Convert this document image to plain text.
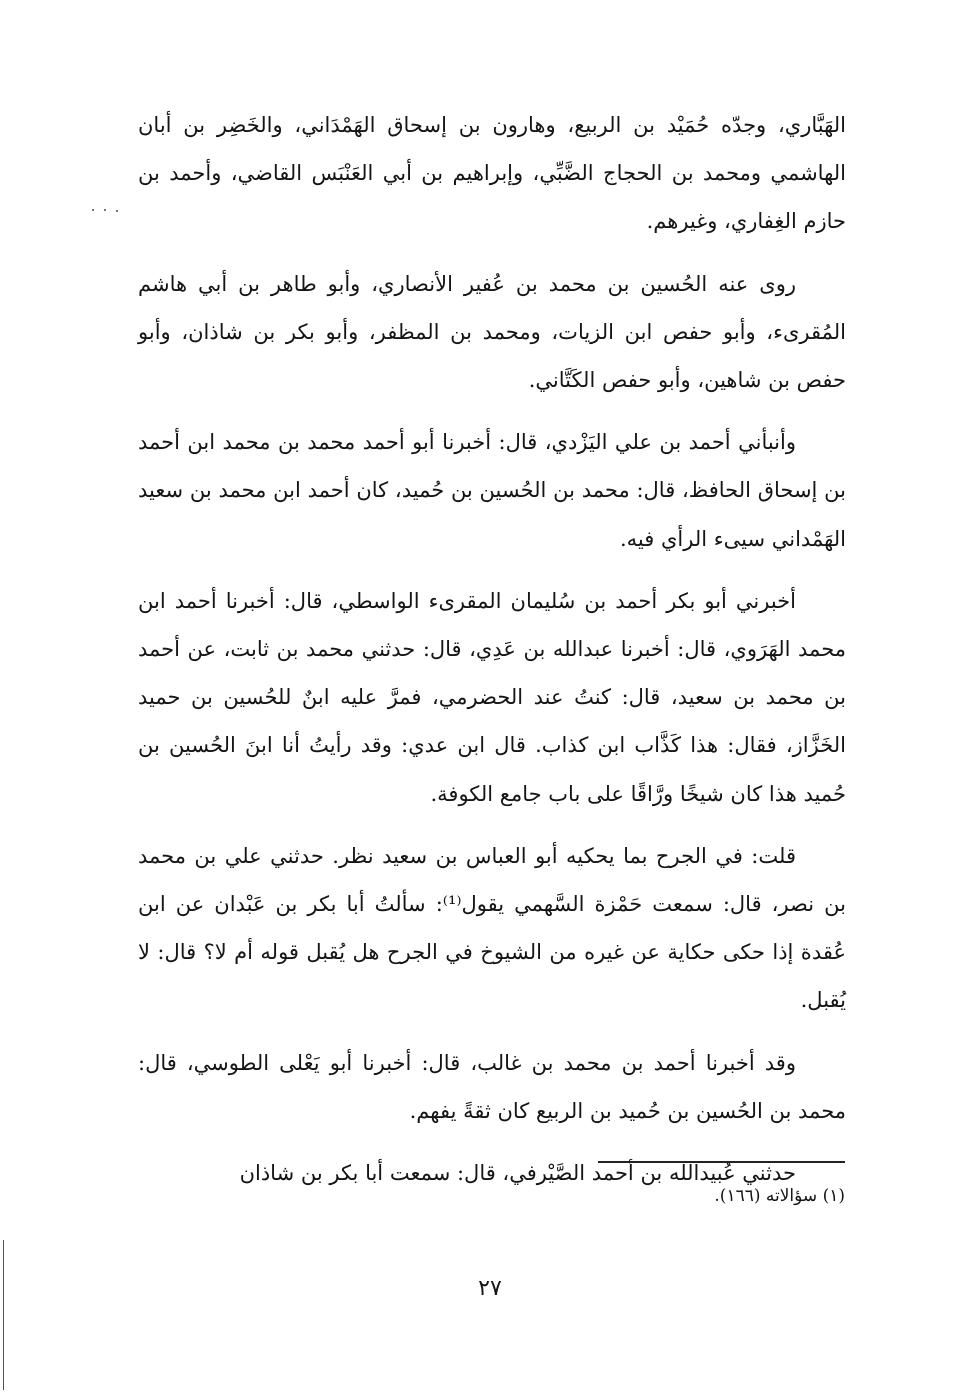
الهَبَّاري، وجدّه حُمَيْد بن الربيع، وهارون بن إسحاق الهَمْدَاني، والخَضِر بن أبان الهاشمي ومحمد بن الحجاج الضَّبِّي، وإبراهيم بن أبي العَنْبَس القاضي، وأحمد بن حازم الغِفاري، وغيرهم.

روى عنه الحُسين بن محمد بن عُفير الأنصاري، وأبو طاهر بن أبي هاشم المُقرىء، وأبو حفص ابن الزيات، ومحمد بن المظفر، وأبو بكر بن شاذان، وأبو حفص بن شاهين، وأبو حفص الكَتَّاني.

وأنبأني أحمد بن علي اليَزْدي، قال: أخبرنا أبو أحمد محمد بن محمد ابن أحمد بن إسحاق الحافظ، قال: محمد بن الحُسين بن حُميد، كان أحمد ابن محمد بن سعيد الهَمْداني سيىء الرأي فيه.

أخبرني أبو بكر أحمد بن سُليمان المقرىء الواسطي، قال: أخبرنا أحمد ابن محمد الهَرَوي، قال: أخبرنا عبدالله بن عَدِي، قال: حدثني محمد بن ثابت، عن أحمد بن محمد بن سعيد، قال: كنتُ عند الحضرمي، فمرَّ عليه ابنٌ للحُسين بن حميد الخَزَّاز، فقال: هذا كَذَّاب ابن كذاب. قال ابن عدي: وقد رأيتُ أنا ابنَ الحُسين بن حُميد هذا كان شيخًا ورَّاقًا على باب جامع الكوفة.

قلت: في الجرح بما يحكيه أبو العباس بن سعيد نظر. حدثني علي بن محمد بن نصر، قال: سمعت حَمْزة السَّهمي يقول⁽¹⁾: سألتُ أبا بكر بن عَبْدان عن ابن عُقدة إذا حكى حكاية عن غيره من الشيوخ في الجرح هل يُقبل قوله أم لا؟ قال: لا يُقبل.

وقد أخبرنا أحمد بن محمد بن غالب، قال: أخبرنا أبو يَعْلى الطوسي، قال: محمد بن الحُسين بن حُميد بن الربيع كان ثقةً يفهم.

حدثني عُبيدالله بن أحمد الصَّيْرفي، قال: سمعت أبا بكر بن شاذان

(١) سؤالاته (١٦٦).
٢٧
